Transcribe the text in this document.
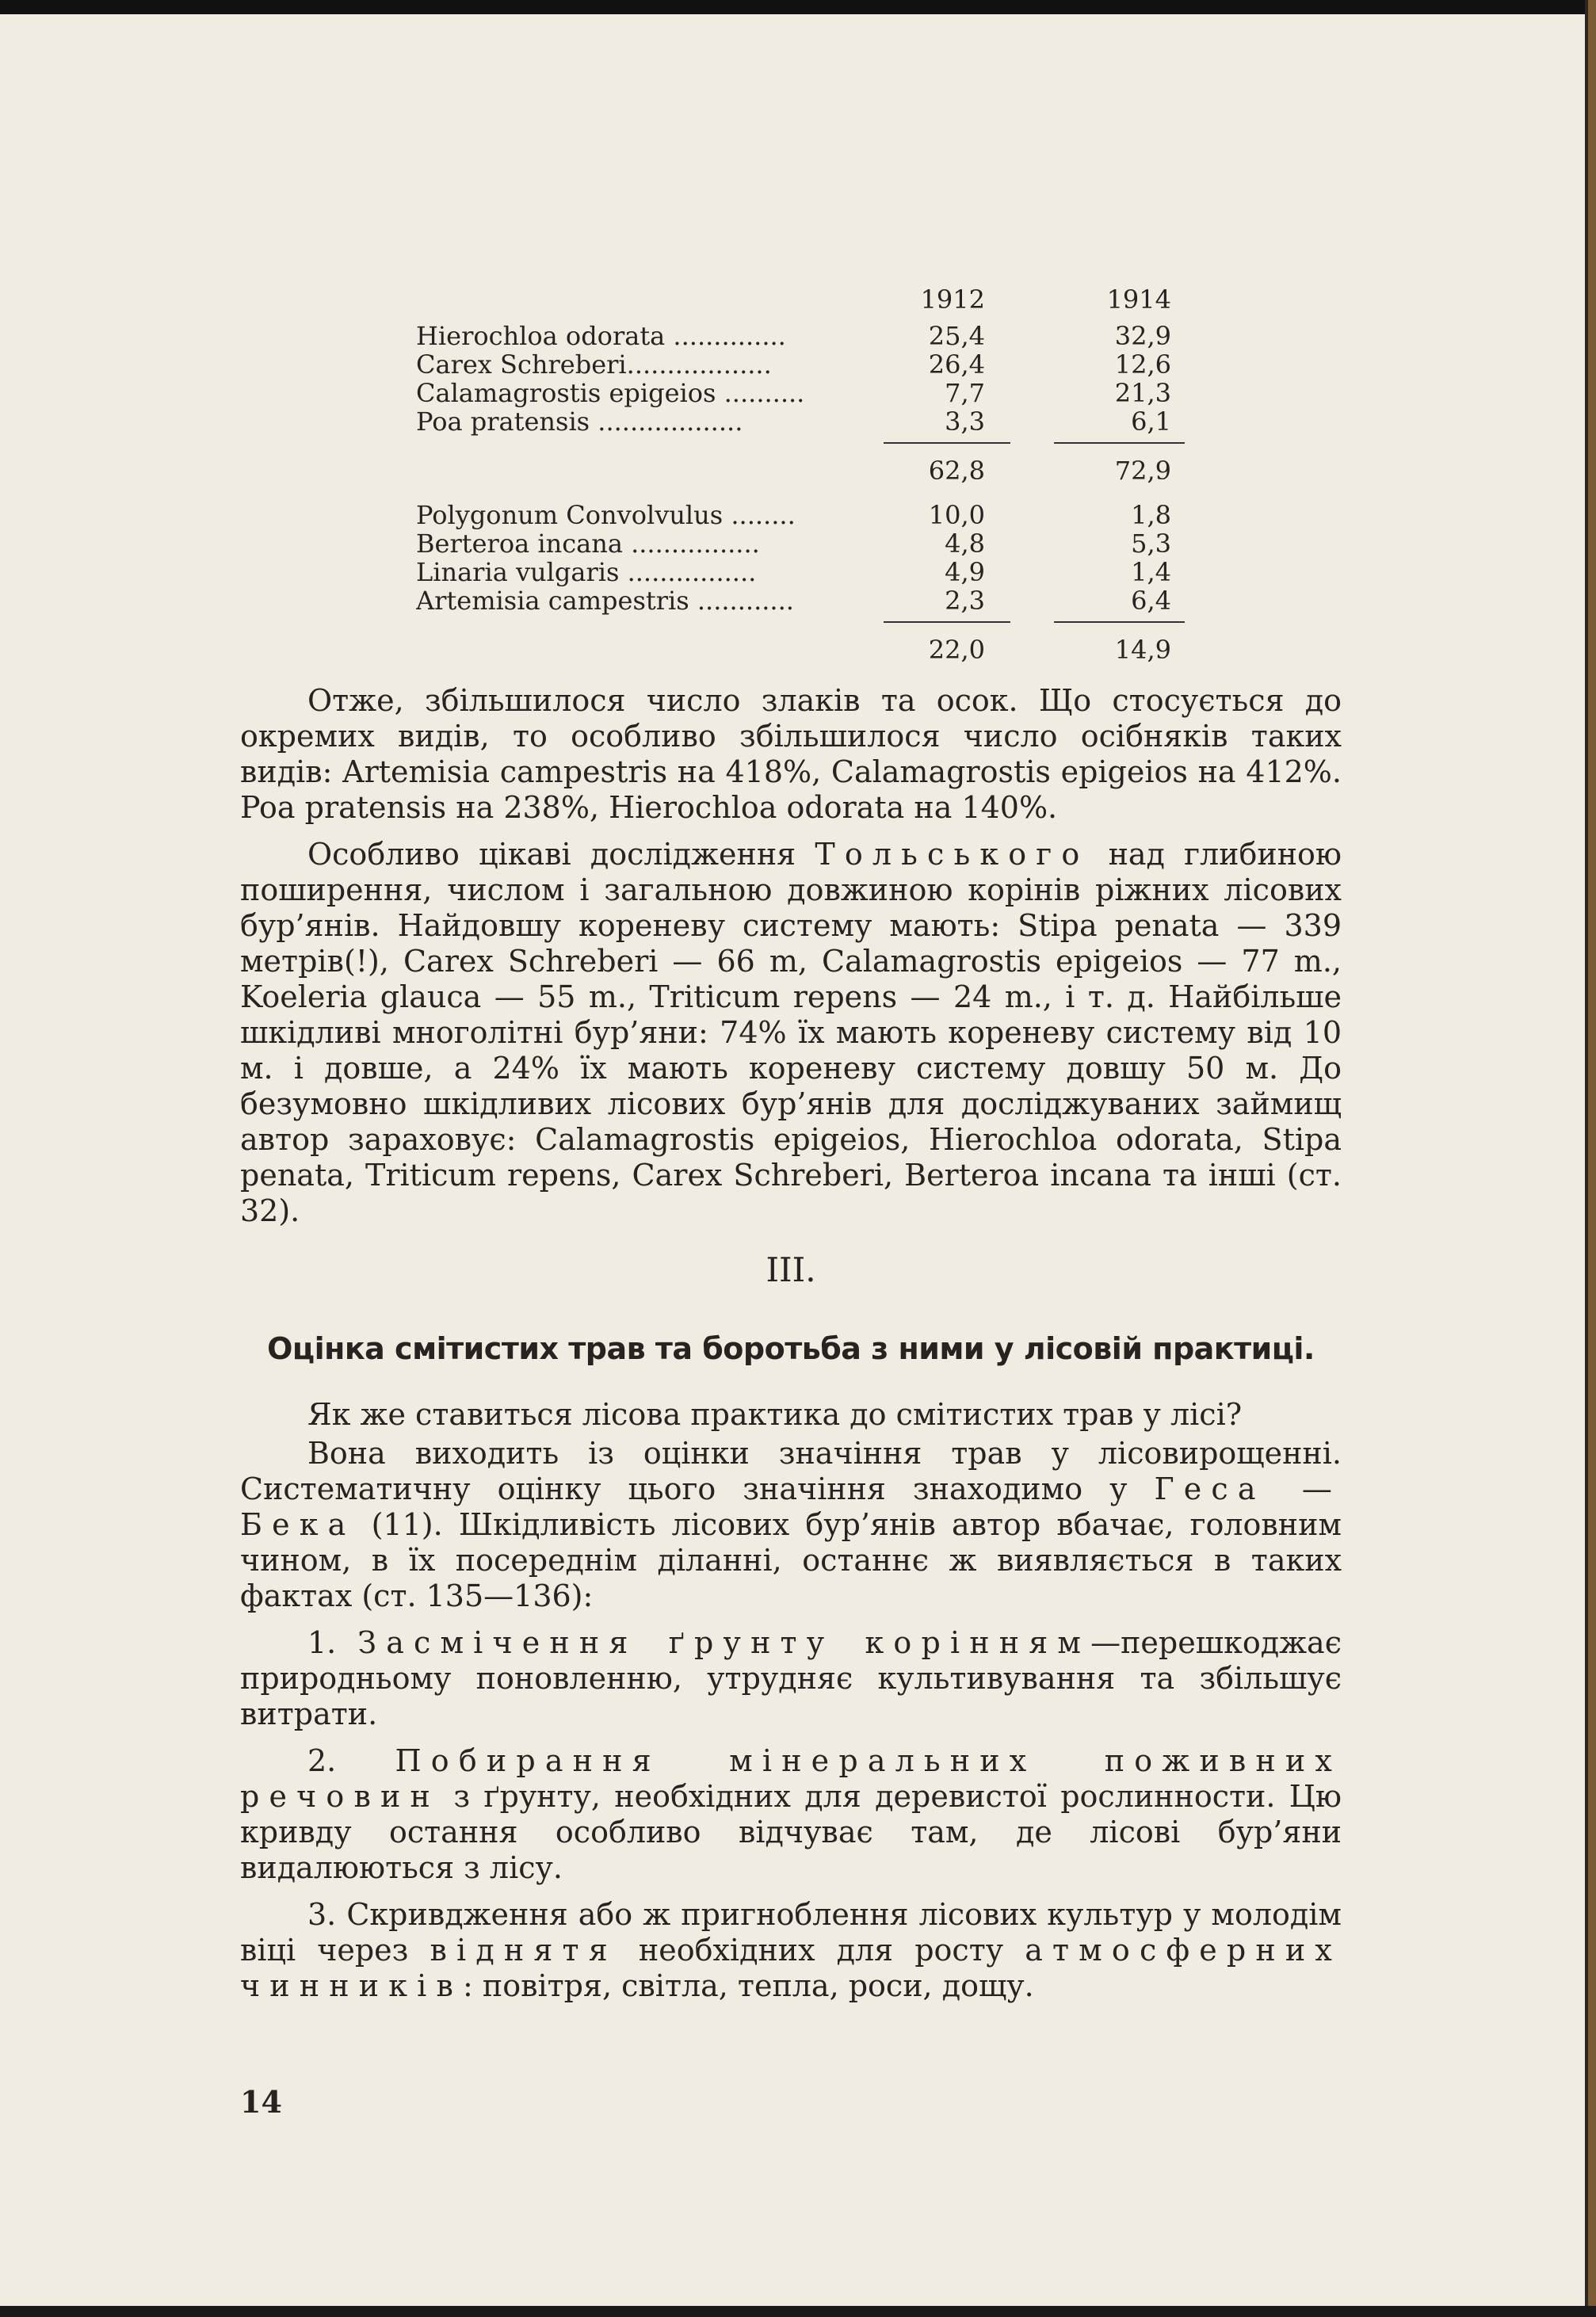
1912	1914
Hierochloa odorata ..............	25,4	32,9
Carex Schreberi..................	26,4	12,6
Calamagrostis epigeios ..........	7,7	21,3
Poa pratensis ..................	3,3	6,1
62,8	72,9
Polygonum Convolvulus ........	10,0	1,8
Berteroa incana ................	4,8	5,3
Linaria vulgaris ................	4,9	1,4
Artemisia campestris ............	2,3	6,4
22,0	14,9

Отже, збільшилося число злаків та осок. Що стосується до окремих видів, то особливо збільшилося число осібняків таких видів: Artemisia campestris на 418%, Calamagrostis epigeios на 412%. Poa pratensis на 238%, Hierochloa odorata на 140%.

Особливо цікаві дослідження Тольського над глибиною поширення, числом і загальною довжиною корінів ріжних лісових бур’янів. Найдовшу кореневу систему мають: Stipa penata — 339 метрів(!), Carex Schreberi — 66 m, Calamagrostis epigeios — 77 m., Koeleria glauca — 55 m., Triticum repens — 24 m., і т. д. Найбільше шкідливі многолітні бур’яни: 74% їх мають кореневу систему від 10 м. і довше, а 24% їх мають кореневу систему довшу 50 м. До безумовно шкідливих лісових бур’янів для досліджуваних займищ автор зараховує: Calamagrostis epigeios, Hierochloa odorata, Stipa penata, Triticum repens, Carex Schreberi, Berteroa incana та інші (ст. 32).

III.
Оцінка смітистих трав та боротьба з ними у лісовій практиці.

Як же ставиться лісова практика до смітистих трав у лісі?

Вона виходить із оцінки значіння трав у лісовирощенні. Систематичну оцінку цього значіння знаходимо у Геса — Бека (11). Шкідливість лісових бур’янів автор вбачає, головним чином, в їх посереднім діланні, останнє ж виявляється в таких фактах (ст. 135—136):

1. Засмічення ґрунту корінням—перешкоджає природньому поновленню, утрудняє культивування та збільшує витрати.

2. Побирання мінеральних поживних речовин з ґрунту, необхідних для деревистої рослинности. Цю кривду остання особливо відчуває там, де лісові бур’яни видалюються з лісу.

3. Скривдження або ж пригноблення лісових культур у молодім віці через віднятя необхідних для росту атмосферних чинників: повітря, світла, тепла, роси, дощу.

14
